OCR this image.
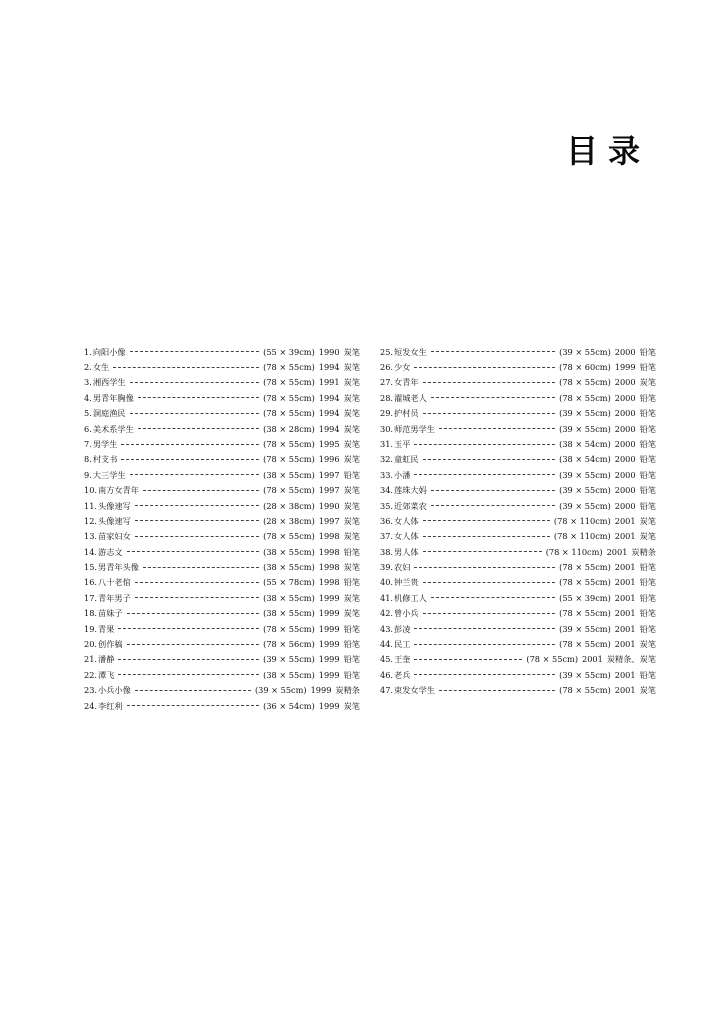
目录
1. 向阳小像	(55 × 39cm) 1990 炭笔
2. 女生	(78 × 55cm) 1994 炭笔
3. 湘西学生	(78 × 55cm) 1991 炭笔
4. 男青年胸像	(78 × 55cm) 1994 炭笔
5. 洞庭渔民	(78 × 55cm) 1994 炭笔
6. 美术系学生	(38 × 28cm) 1994 炭笔
7. 男学生	(78 × 55cm) 1995 炭笔
8. 村支书	(78 × 55cm) 1996 炭笔
9. 大三学生	(38 × 55cm) 1997 铅笔
10. 南方女青年	(78 × 55cm) 1997 炭笔
11. 头像速写	(28 × 38cm) 1990 炭笔
12. 头像速写	(28 × 38cm) 1997 炭笔
13. 苗家妇女	(78 × 55cm) 1998 炭笔
14. 游志文	(38 × 55cm) 1998 铅笔
15. 男青年头像	(38 × 55cm) 1998 炭笔
16. 八十老倌	(55 × 78cm) 1998 铅笔
17. 青年男子	(38 × 55cm) 1999 炭笔
18. 苗妹子	(38 × 55cm) 1999 炭笔
19. 青果	(78 × 55cm) 1999 铅笔
20. 创作稿	(78 × 56cm) 1999 铅笔
21. 潘静	(39 × 55cm) 1999 铅笔
22. 潭飞	(38 × 55cm) 1999 铅笔
23. 小兵小像	(39 × 55cm) 1999 炭精条
24. 李红利	(36 × 54cm) 1999 炭笔
25. 短发女生	(39 × 55cm) 2000 铅笔
26. 少女	(78 × 60cm) 1999 铅笔
27. 女青年	(78 × 55cm) 2000 炭笔
28. 濯城老人	(78 × 55cm) 2000 铅笔
29. 护村员	(39 × 55cm) 2000 铅笔
30. 师范男学生	(39 × 55cm) 2000 铅笔
31. 玉平	(38 × 54cm) 2000 铅笔
32. 童虹民	(38 × 54cm) 2000 铅笔
33. 小潘	(39 × 55cm) 2000 铅笔
34. 莲珠大妈	(39 × 55cm) 2000 铅笔
35. 近郊菜农	(39 × 55cm) 2000 铅笔
36. 女人体	(78 × 110cm) 2001 炭笔
37. 女人体	(78 × 110cm) 2001 炭笔
38. 男人体	(78 × 110cm) 2001 炭精条
39. 农妇	(78 × 55cm) 2001 铅笔
40. 钟兰贵	(78 × 55cm) 2001 铅笔
41. 机修工人	(55 × 39cm) 2001 铅笔
42. 曾小兵	(78 × 55cm) 2001 铅笔
43. 彭凌	(39 × 55cm) 2001 铅笔
44. 民工	(78 × 55cm) 2001 炭笔
45. 王奎	(78 × 55cm) 2001 炭精条、炭笔
46. 老兵	(39 × 55cm) 2001 铅笔
47. 束发女学生	(78 × 55cm) 2001 炭笔
